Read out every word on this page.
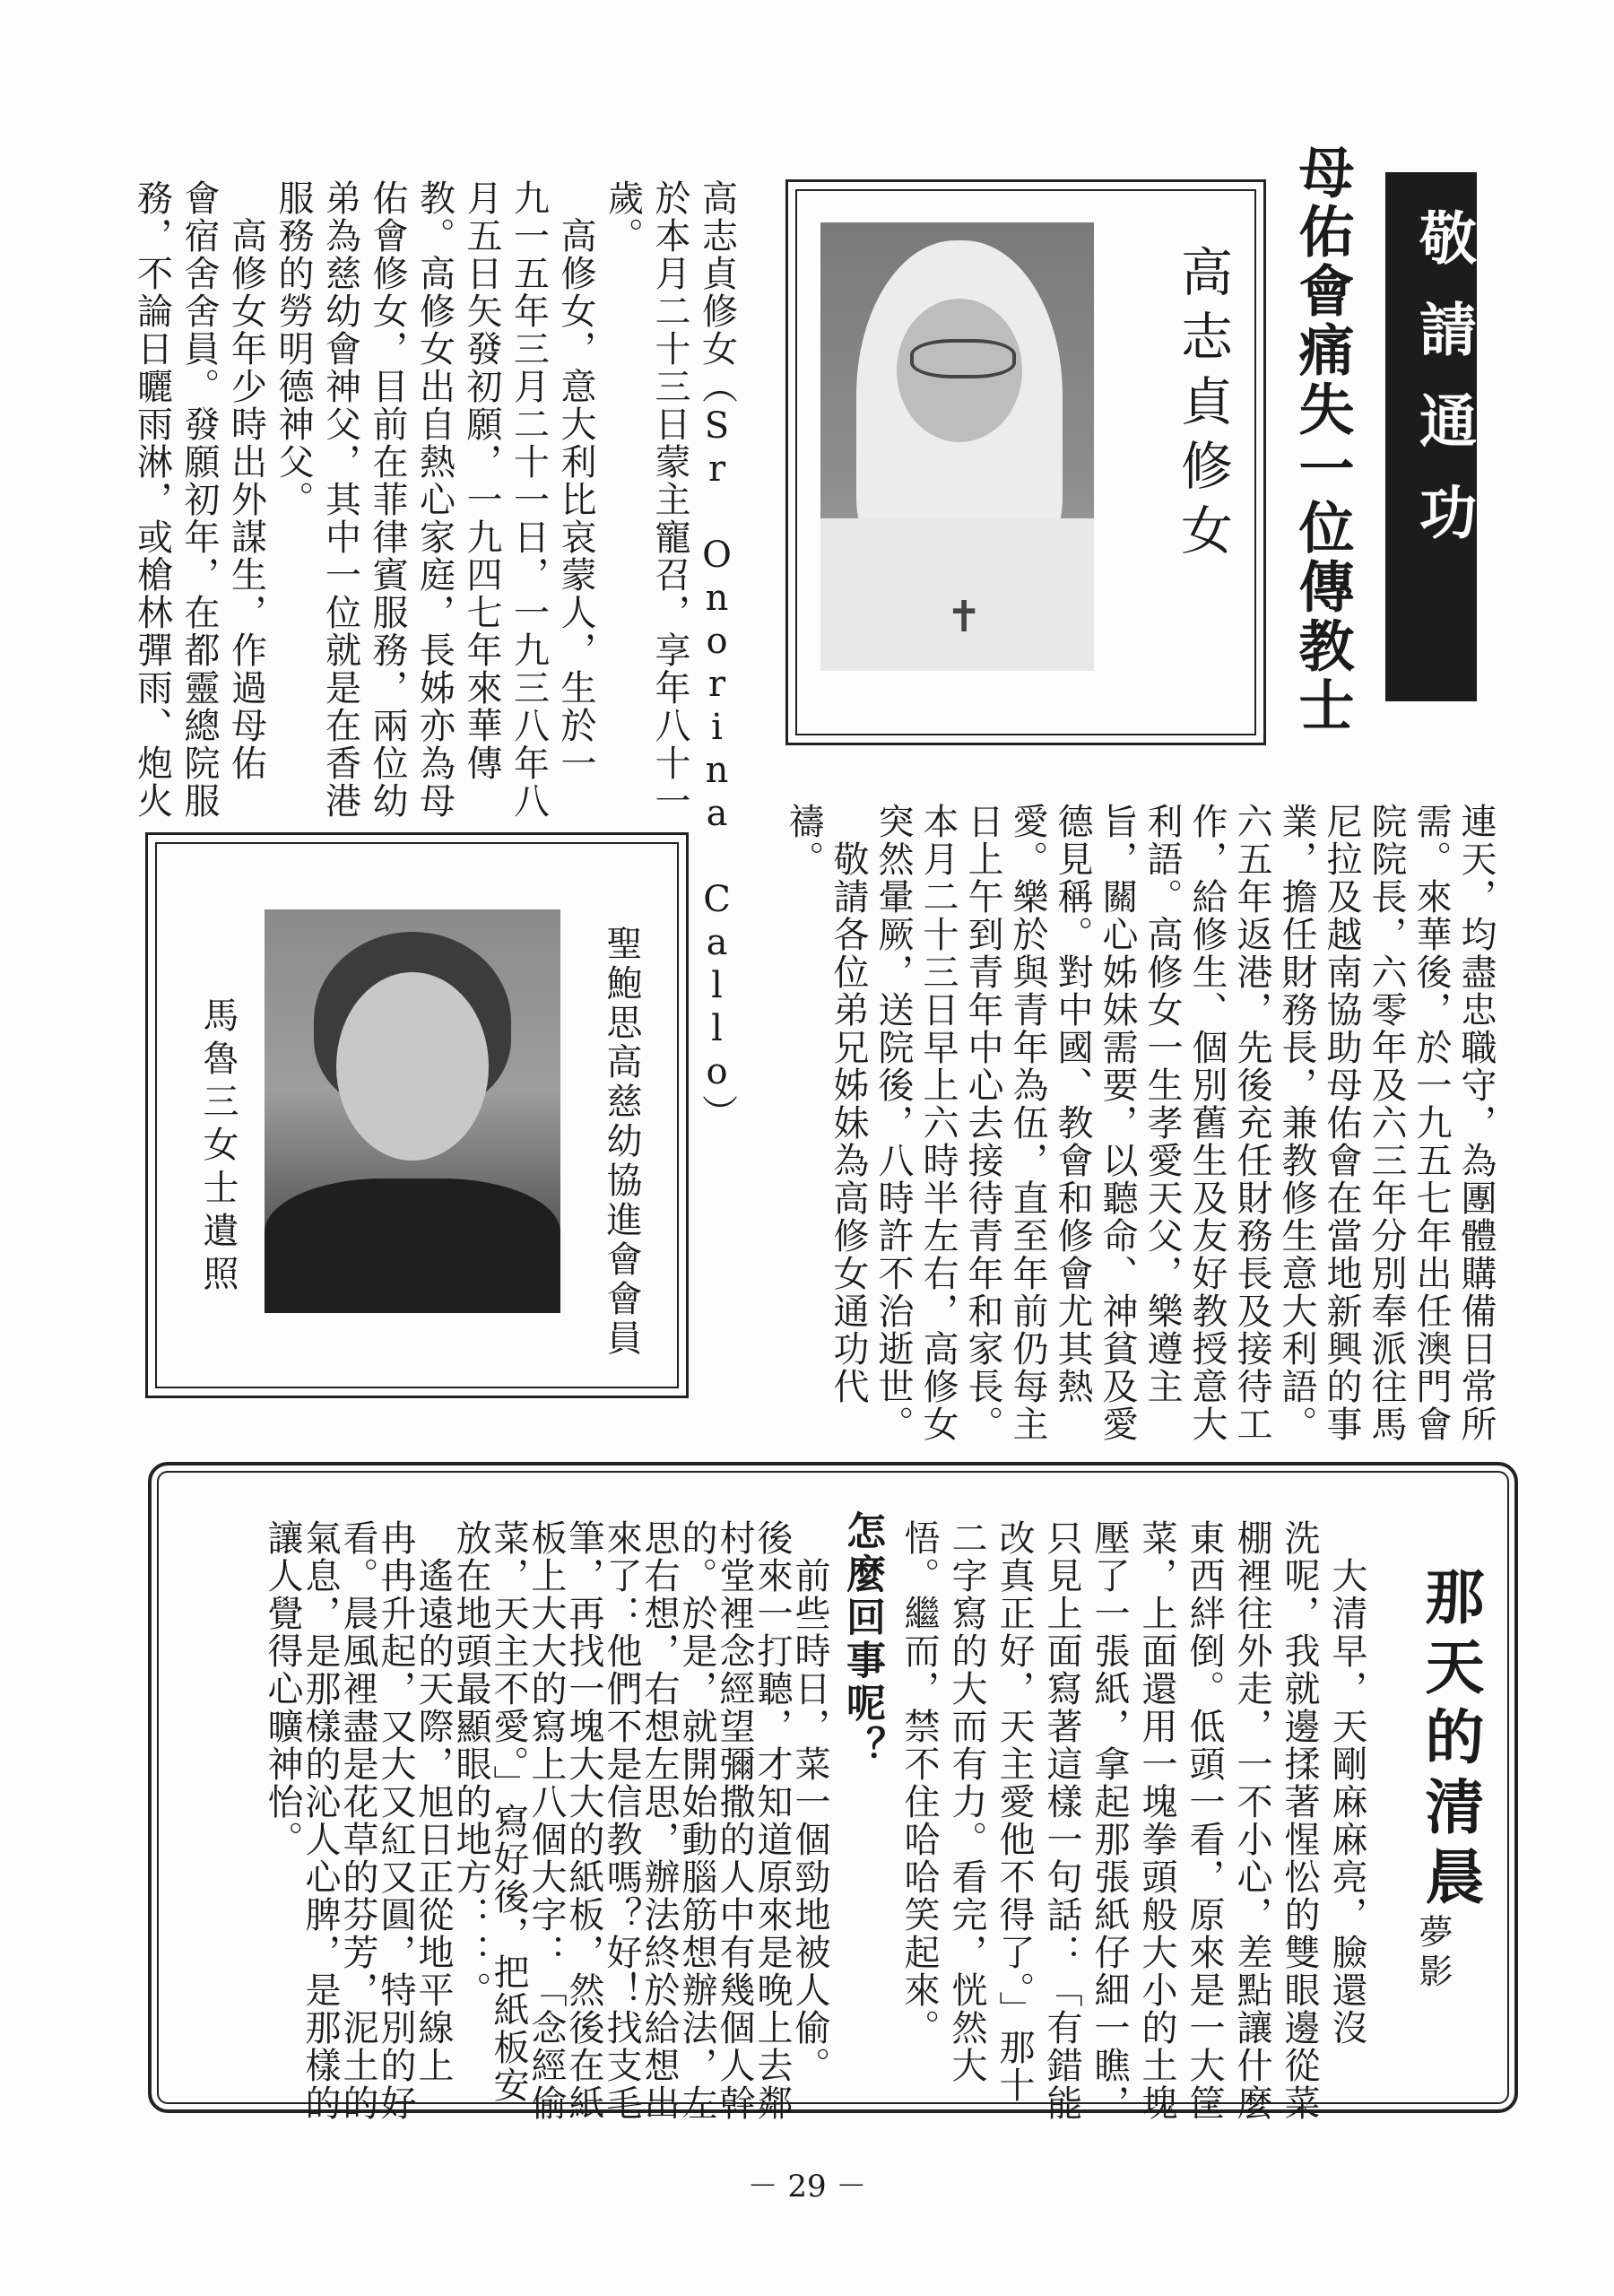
敬請通功
母佑會痛失一位傳教士
✝
高志貞修女
高志貞修女（Sr Onorina Callo）
於本月二十三日蒙主寵召，享年八十一
歲。
　高修女，意大利比哀蒙人，生於一
九一五年三月二十一日，一九三八年八
月五日矢發初願，一九四七年來華傳
教。高修女出自熱心家庭，長姊亦為母
佑會修女，目前在菲律賓服務，兩位幼
弟為慈幼會神父，其中一位就是在香港
服務的勞明德神父。
　高修女年少時出外謀生，作過母佑
會宿舍舍員。發願初年，在都靈總院服
務，不論日曬雨淋，或槍林彈雨、炮火
連天，均盡忠職守，為團體購備日常所
需。來華後，於一九五七年出任澳門會
院院長，六零年及六三年分別奉派往馬
尼拉及越南協助母佑會在當地新興的事
業，擔任財務長，兼教修生意大利語。
六五年返港，先後充任財務長及接待工
作，給修生、個別舊生及友好教授意大
利語。高修女一生孝愛天父，樂遵主
旨，關心姊妹需要，以聽命、神貧及愛
德見稱。對中國、教會和修會尤其熱
愛。樂於與青年為伍，直至年前仍每主
日上午到青年中心去接待青年和家長。
本月二十三日早上六時半左右，高修女
突然暈厥，送院後，八時許不治逝世。
　敬請各位弟兄姊妹為高修女通功代
禱。
聖鮑思高慈幼協進會會員
馬魯三女士遺照
那天的清晨
夢影
　大清早，天剛麻麻亮，臉還沒
洗呢，我就邊揉著惺忪的雙眼邊從菜
棚裡往外走，一不小心，差點讓什麼
東西絆倒。低頭一看，原來是一大筐
菜，上面還用一塊拳頭般大小的土塊
壓了一張紙，拿起那張紙仔細一瞧，
只見上面寫著這樣一句話：「有錯能
改真正好，天主愛他不得了。」那十
二字寫的大而有力。看完，恍然大
悟。繼而，禁不住哈哈笑起來。
怎麼回事呢？
　前些時日，菜一個勁地被人偷。
後來一打聽，才知道原來是晚上去鄰
村堂裡念經望彌撒的人中有幾個人幹
的。於是，就開始動腦筋想辦法，左
思右想，右想左思，辦法終於給想出
來了：他們不是信教嗎？好！找支毛
筆，再找一塊大大的紙板，然後在紙
板上大大的寫上八個大字：「念經偷
菜，天主不愛。」寫好後，把紙板安
放在地頭最顯眼的地方：：。
　遙遠的天際，旭日正從地平線上
冉冉升起，又大又紅又圓，特別的好
看。晨風裡盡是花草的芬芳，泥土的
氣息，是那樣的沁人心脾，是那樣的
讓人覺得心曠神怡。
－ 29 －
